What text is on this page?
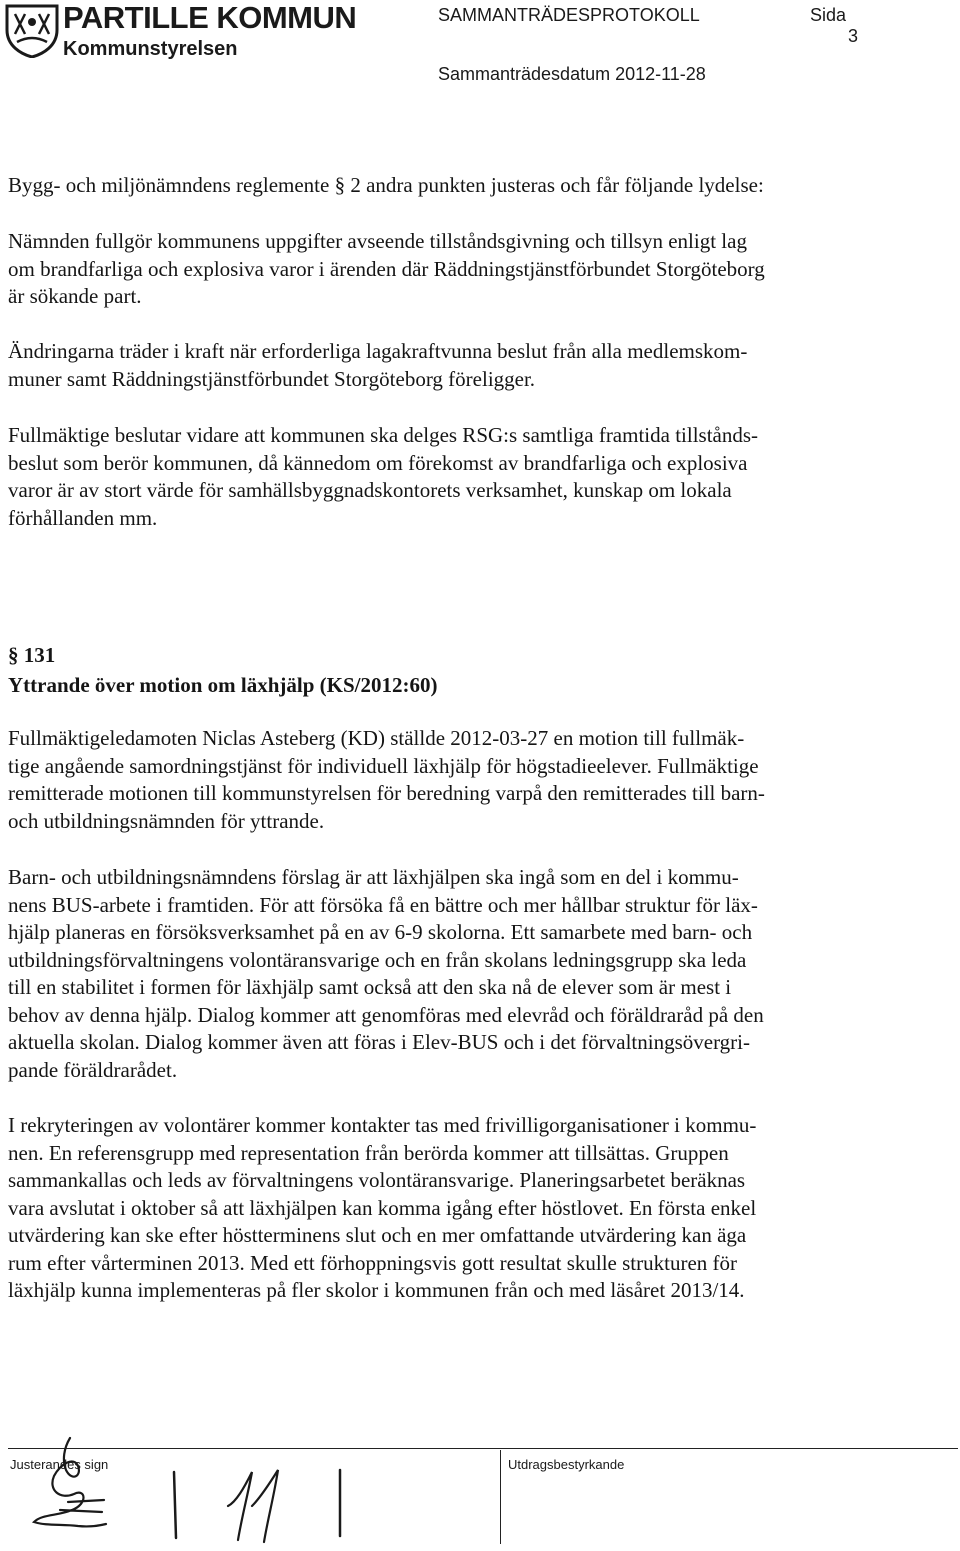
PARTILLE KOMMUN
Kommunstyrelsen
SAMMANTRÄDESPROTOKOLL	Sida
3
Sammanträdesdatum 2012-11-28
Bygg- och miljönämndens reglemente § 2 andra punkten justeras och får följande lydelse:
Nämnden fullgör kommunens uppgifter avseende tillståndsgivning och tillsyn enligt lag
om brandfarliga och explosiva varor i ärenden där Räddningstjänstförbundet Storgöteborg
är sökande part.
Ändringarna träder i kraft när erforderliga lagakraftvunna beslut från alla medlemskom-
muner samt Räddningstjänstförbundet Storgöteborg föreligger.
Fullmäktige beslutar vidare att kommunen ska delges RSG:s samtliga framtida tillstånds-
beslut som berör kommunen, då kännedom om förekomst av brandfarliga och explosiva
varor är av stort värde för samhällsbyggnadskontorets verksamhet, kunskap om lokala
förhållanden mm.
§ 131
Yttrande över motion om läxhjälp (KS/2012:60)
Fullmäktigeledamoten Niclas Asteberg (KD) ställde 2012-03-27 en motion till fullmäk-
tige angående samordningstjänst för individuell läxhjälp för högstadieelever. Fullmäktige
remitterade motionen till kommunstyrelsen för beredning varpå den remitterades till barn-
och utbildningsnämnden för yttrande.
Barn- och utbildningsnämndens förslag är att läxhjälpen ska ingå som en del i kommu-
nens BUS-arbete i framtiden. För att försöka få en bättre och mer hållbar struktur för läx-
hjälp planeras en försöksverksamhet på en av 6-9 skolorna. Ett samarbete med barn- och
utbildningsförvaltningens volontäransvarige och en från skolans ledningsgrupp ska leda
till en stabilitet i formen för läxhjälp samt också att den ska nå de elever som är mest i
behov av denna hjälp. Dialog kommer att genomföras med elevråd och föräldraråd på den
aktuella skolan. Dialog kommer även att föras i Elev-BUS och i det förvaltningsövergri-
pande föräldrarådet.
I rekryteringen av volontärer kommer kontakter tas med frivilligorganisationer i kommu-
nen. En referensgrupp med representation från berörda kommer att tillsättas. Gruppen
sammankallas och leds av förvaltningens volontäransvarige. Planeringsarbetet beräknas
vara avslutat i oktober så att läxhjälpen kan komma igång efter höstlovet. En första enkel
utvärdering kan ske efter höstterminens slut och en mer omfattande utvärdering kan äga
rum efter vårterminen 2013. Med ett förhoppningsvis gott resultat skulle strukturen för
läxhjälp kunna implementeras på fler skolor i kommunen från och med läsåret 2013/14.
Justerandes sign	Utdragsbestyrkande
